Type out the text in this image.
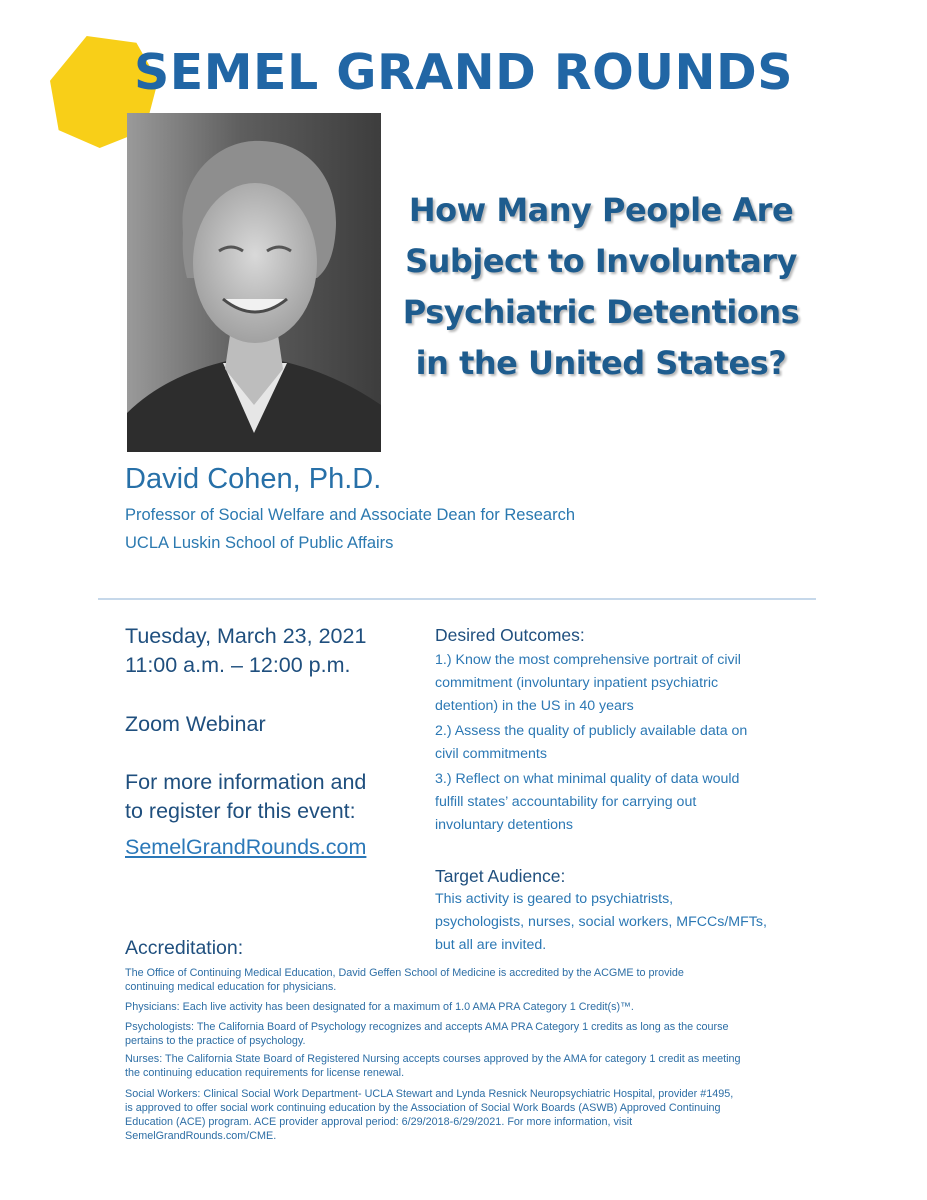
SEMEL GRAND ROUNDS
How Many People Are
Subject to Involuntary
Psychiatric Detentions
in the United States?
David Cohen, Ph.D.
Professor of Social Welfare and Associate Dean for Research
UCLA Luskin School of Public Affairs
Tuesday, March 23, 2021
11:00 a.m. – 12:00 p.m.
Zoom Webinar
For more information and
to register for this event:
SemelGrandRounds.com
Desired Outcomes:
1.) Know the most comprehensive portrait of civil
commitment (involuntary inpatient psychiatric
detention) in the US in 40 years
2.) Assess the quality of publicly available data on
civil commitments
3.) Reflect on what minimal quality of data would
fulfill states’ accountability for carrying out
involuntary detentions
Target Audience:
This activity is geared to psychiatrists,
psychologists, nurses, social workers, MFCCs/MFTs,
but all are invited.
Accreditation:
The Office of Continuing Medical Education, David Geffen School of Medicine is accredited by the ACGME to provide
continuing medical education for physicians.
Physicians: Each live activity has been designated for a maximum of 1.0 AMA PRA Category 1 Credit(s)™.
Psychologists: The California Board of Psychology recognizes and accepts AMA PRA Category 1 credits as long as the course
pertains to the practice of psychology.
Nurses: The California State Board of Registered Nursing accepts courses approved by the AMA for category 1 credit as meeting
the continuing education requirements for license renewal.
Social Workers: Clinical Social Work Department- UCLA Stewart and Lynda Resnick Neuropsychiatric Hospital, provider #1495,
is approved to offer social work continuing education by the Association of Social Work Boards (ASWB) Approved Continuing
Education (ACE) program. ACE provider approval period: 6/29/2018-6/29/2021. For more information, visit
SemelGrandRounds.com/CME.
